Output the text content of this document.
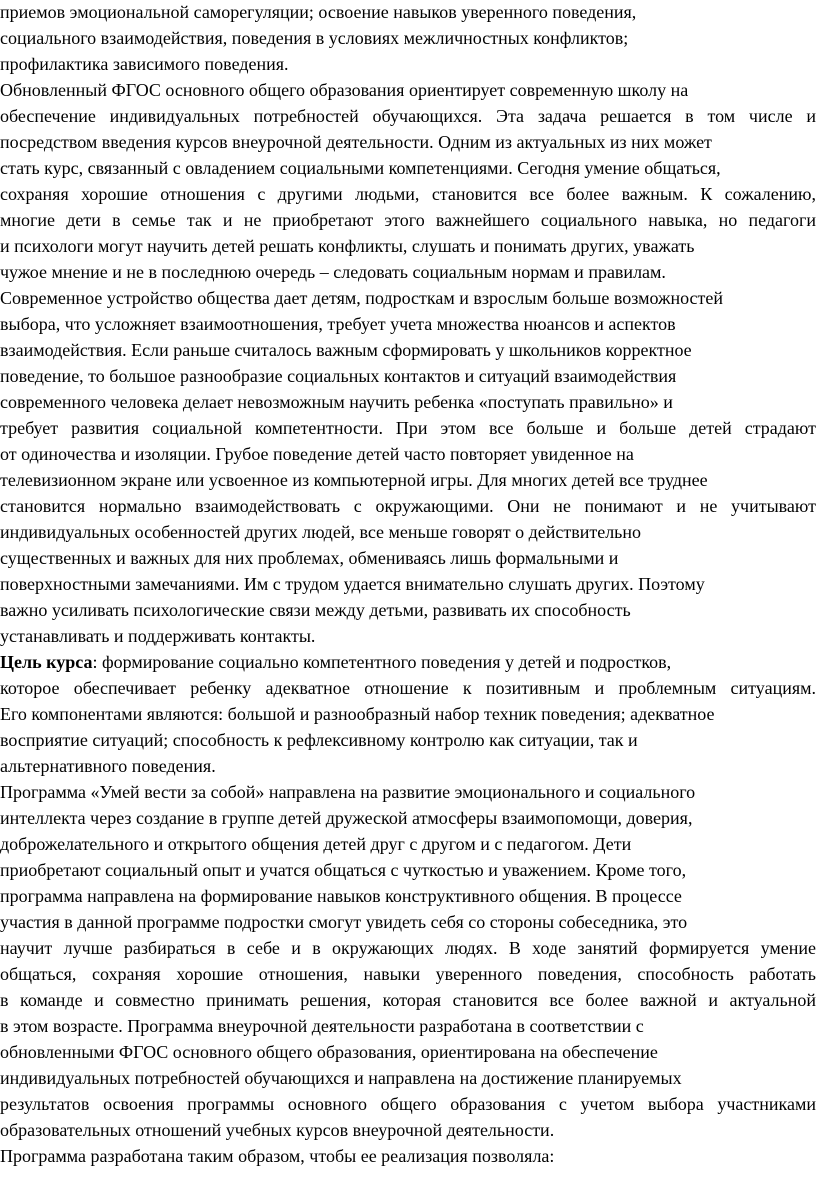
приемов эмоциональной саморегуляции; освоение навыков уверенного поведения,
социального взаимодействия, поведения в условиях межличностных конфликтов;
профилактика зависимого поведения.
Обновленный ФГОС основного общего образования ориентирует современную школу на
обеспечение индивидуальных потребностей обучающихся. Эта задача решается в том числе и
посредством введения курсов внеурочной деятельности. Одним из актуальных из них может
стать курс, связанный с овладением социальными компетенциями. Сегодня умение общаться,
сохраняя хорошие отношения с другими людьми, становится все более важным. К сожалению,
многие дети в семье так и не приобретают этого важнейшего социального навыка, но педагоги
и психологи могут научить детей решать конфликты, слушать и понимать других, уважать
чужое мнение и не в последнюю очередь – следовать социальным нормам и правилам.
Современное устройство общества дает детям, подросткам и взрослым больше возможностей
выбора, что усложняет взаимоотношения, требует учета множества нюансов и аспектов
взаимодействия. Если раньше считалось важным сформировать у школьников корректное
поведение, то большое разнообразие социальных контактов и ситуаций взаимодействия
современного человека делает невозможным научить ребенка «поступать правильно» и
требует развития социальной компетентности. При этом все больше и больше детей страдают
от одиночества и изоляции. Грубое поведение детей часто повторяет увиденное на
телевизионном экране или усвоенное из компьютерной игры. Для многих детей все труднее
становится нормально взаимодействовать с окружающими. Они не понимают и не учитывают
индивидуальных особенностей других людей, все меньше говорят о действительно
существенных и важных для них проблемах, обмениваясь лишь формальными и
поверхностными замечаниями. Им с трудом удается внимательно слушать других. Поэтому
важно усиливать психологические связи между детьми, развивать их способность
устанавливать и поддерживать контакты.
Цель курса: формирование социально компетентного поведения у детей и подростков,
которое обеспечивает ребенку адекватное отношение к позитивным и проблемным ситуациям.
Его компонентами являются: большой и разнообразный набор техник поведения; адекватное
восприятие ситуаций; способность к рефлексивному контролю как ситуации, так и
альтернативного поведения.
Программа «Умей вести за собой» направлена на развитие эмоционального и социального
интеллекта через создание в группе детей дружеской атмосферы взаимопомощи, доверия,
доброжелательного и открытого общения детей друг с другом и с педагогом. Дети
приобретают социальный опыт и учатся общаться с чуткостью и уважением. Кроме того,
программа направлена на формирование навыков конструктивного общения. В процессе
участия в данной программе подростки смогут увидеть себя со стороны собеседника, это
научит лучше разбираться в себе и в окружающих людях. В ходе занятий формируется умение
общаться, сохраняя хорошие отношения, навыки уверенного поведения, способность работать
в команде и совместно принимать решения, которая становится все более важной и актуальной
в этом возрасте. Программа внеурочной деятельности разработана в соответствии с
обновленными ФГОС основного общего образования, ориентирована на обеспечение
индивидуальных потребностей обучающихся и направлена на достижение планируемых
результатов освоения программы основного общего образования с учетом выбора участниками
образовательных отношений учебных курсов внеурочной деятельности.
Программа разработана таким образом, чтобы ее реализация позволяла:
